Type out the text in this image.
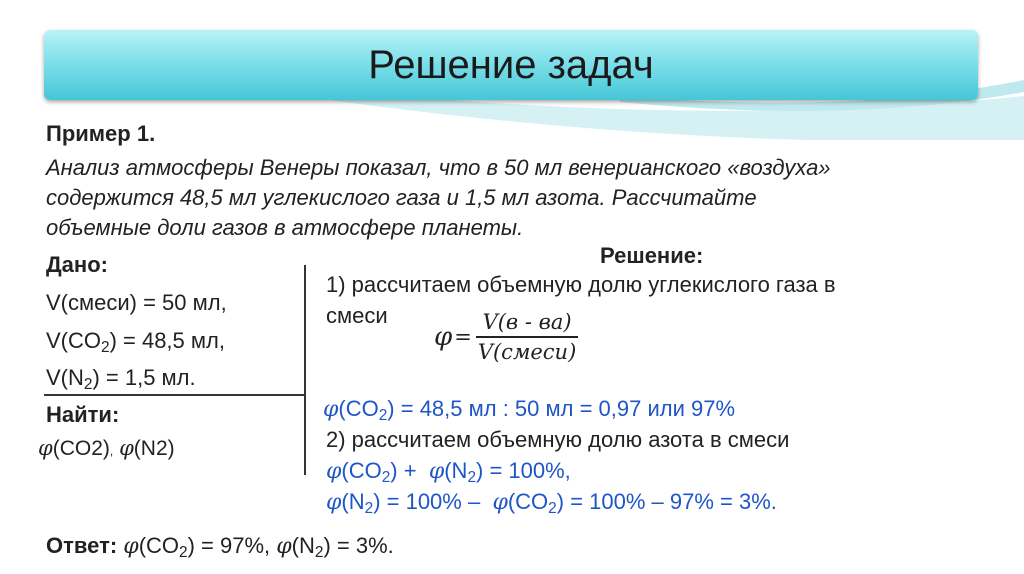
Решение задач
Пример 1.
Анализ атмосферы Венеры показал, что в 50 мл венерианского «воздуха»
содержится 48,5 мл углекислого газа и 1,5 мл азота. Рассчитайте
объемные доли газов в атмосфере планеты.
Дано:
V(смеси) = 50 мл,
$V(CO_2) = 48,5$ мл,
$V(N_2) = 1,5$ мл.
Найти:
φ(CO2), φ(N2)
Решение:
1) рассчитаем объемную долю углекислого газа в
смеси
$\varphi = \frac{V(в - ва)}{\text{V(смеси)}}$
$\varphi(CO_2) = 48,5$ мл : 50 мл = 0,97 или 97%
2) рассчитаем объемную долю азота в смеси
$\varphi(CO_2) + \varphi(N_2) = 100\%$,
$\varphi(N_2) = 100\% - \varphi(CO_2) = 100\% - 97\% = 3\%$.
Ответ: $\varphi(CO_2) = 97\%$, $\varphi(N_2) = 3\%$.
